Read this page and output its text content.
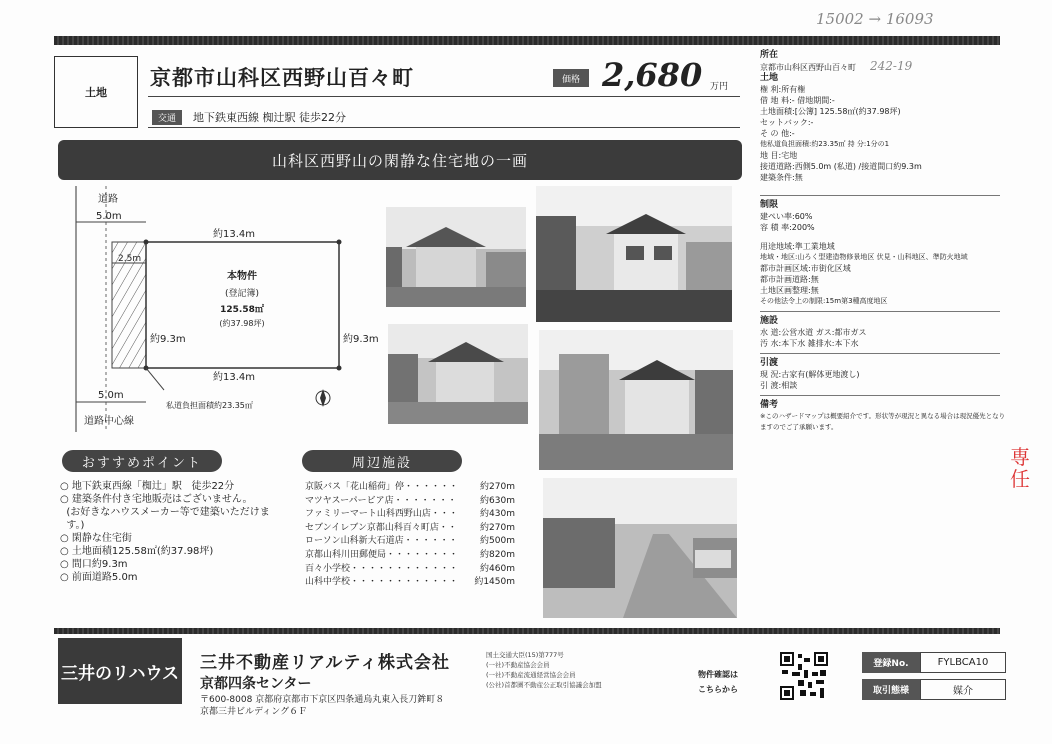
15002 → 16093
土地
京都市山科区西野山百々町	価格 2,680 万円
交通	地下鉄東西線 椥辻駅 徒歩22分
山科区西野山の閑静な住宅地の一画
道路
5.0m
2.5m
約13.4m
約13.4m
約9.3m	約9.3m
5.0m
道路中心線
私道負担面積約23.35㎡
本物件
(登記簿)
125.58㎡
(約37.98坪)
おすすめポイント
○ 地下鉄東西線「椥辻」駅   徒歩22分
○ 建築条件付き宅地販売はございません。
(お好きなハウスメーカー等で建築いただけま
す。)
○ 閑静な住宅街
○ 土地面積125.58㎡(約37.98坪)
○ 間口約9.3m
○ 前面道路5.0m
周辺施設
京阪バス「花山稲荷」停・・・・・・ 約270m
マツヤスーパービア店・・・・・・・	約630m
ファミリーマート山科西野山店・・・ 約430m
セブンイレブン京都山科百々町店・・	約270m
ローソン山科新大石道店・・・・・・ 約500m
京都山科川田郵便局・・・・・・・・ 約820m
百々小学校・・・・・・・・・・・・ 約460m
山科中学校・・・・・・・・・・・・ 約1450m
所在
京都市山科区西野山百々町 242-19
土地
権 利:所有権
借 地 料:- 借地期間:-
土地面積:[公簿] 125.58㎡(約37.98坪)
セットバック:-
そ の 他:-
他私道負担面積:約23.35㎡ 持 分:1分の1
地 目:宅地
接道道路:西側5.0m (私道) /接道間口約9.3m
建築条件:無
制限
建ぺい率:60%
容 積 率:200%
用途地域:準工業地域
地域・地区:山ろく型建造物修景地区 伏見・山科地区、準防火地域
都市計画区域:市街化区域
都市計画道路:無
土地区画整理:無
その他法令上の制限:15m第3種高度地区
施設
水 道:公営水道 ガス:都市ガス
汚 水:本下水 雑排水:本下水
引渡
現 況:古家有(解体更地渡し)
引 渡:相談
備考
※このハザードマップは概要紹介です。形状等が現況と異なる場合は現況優先となり
ますのでご了承願います。
専
任
三井のリハウス
三井不動産リアルティ株式会社
京都四条センター
〒600-8008 京都府京都市下京区四条通烏丸東入長刀鉾町８
京都三井ビルディング６Ｆ
国土交通大臣(15)第777号
(一社)不動産協会会員
(一社)不動産流通経営協会会員
(公社)首都圏不動産公正取引協議会加盟
物件確認は
こちらから
登録No.	FYLBCA10
取引態様	媒介
